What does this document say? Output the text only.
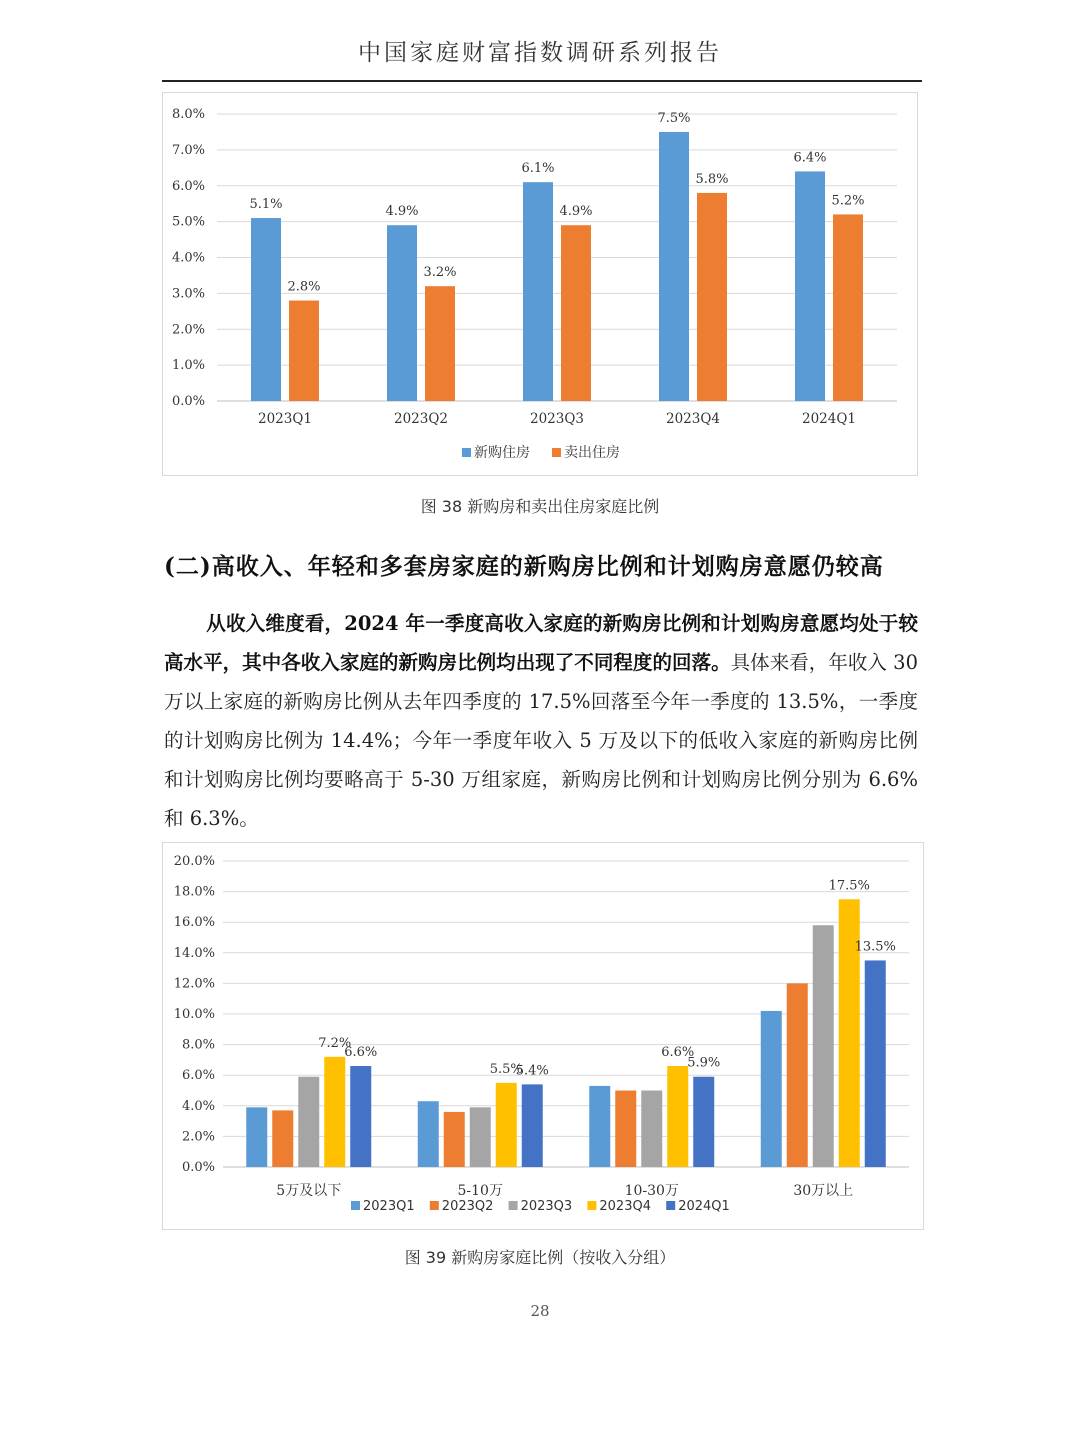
中国家庭财富指数调研系列报告
0.0%
1.0%
2.0%
3.0%
4.0%
5.0%
6.0%
7.0%
8.0%
5.1%
2.8%
2023Q1
4.9%
3.2%
2023Q2
6.1%
4.9%
2023Q3
7.5%
5.8%
2023Q4
6.4%
5.2%
2024Q1
新购住房 卖出住房
图 38 新购房和卖出住房家庭比例
(二)高收入、年轻和多套房家庭的新购房比例和计划购房意愿仍较高

从收入维度看，2024 年一季度高收入家庭的新购房比例和计划购房意愿均处于较高水平，其中各收入家庭的新购房比例均出现了不同程度的回落。具体来看，年收入 30 万以上家庭的新购房比例从去年四季度的 17.5%回落至今年一季度的 13.5%，一季度的计划购房比例为 14.4%；今年一季度年收入 5 万及以下的低收入家庭的新购房比例和计划购房比例均要略高于 5-30 万组家庭，新购房比例和计划购房比例分别为 6.6%和 6.3%。

0.0%
2.0%
4.0%
6.0%
8.0%
10.0%
12.0%
14.0%
16.0%
18.0%
20.0%
7.2%
6.6%
5万及以下
5.5%
5.4%
5-10万
6.6%
5.9%
10-30万
17.5%
13.5%
30万以上
2023Q1 2023Q2 2023Q3 2023Q4 2024Q1
图 39 新购房家庭比例（按收入分组）
28
